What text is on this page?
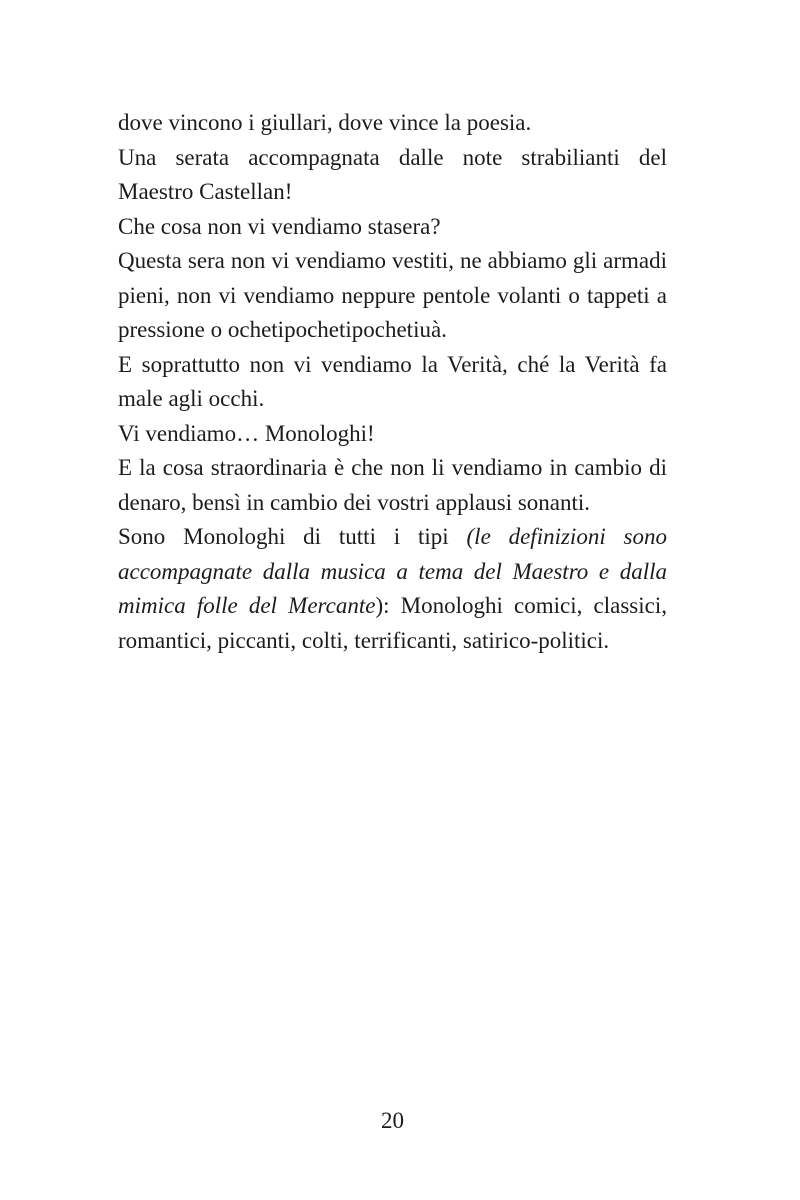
dove vincono i giullari, dove vince la poesia.

Una serata accompagnata dalle note strabilianti del Maestro Castellan!

Che cosa non vi vendiamo stasera?

Questa sera non vi vendiamo vestiti, ne abbiamo gli armadi pieni, non vi vendiamo neppure pentole volanti o tappeti a pressione o ochetipochetipochetiuà.

E soprattutto non vi vendiamo la Verità, ché la Verità fa male agli occhi.

Vi vendiamo… Monologhi!

E la cosa straordinaria è che non li vendiamo in cambio di denaro, bensì in cambio dei vostri applausi sonanti.

Sono Monologhi di tutti i tipi (le definizioni sono accompagnate dalla musica a tema del Maestro e dalla mimica folle del Mercante): Monologhi comici, classici, romantici, piccanti, colti, terrificanti, satirico-politici.

20
